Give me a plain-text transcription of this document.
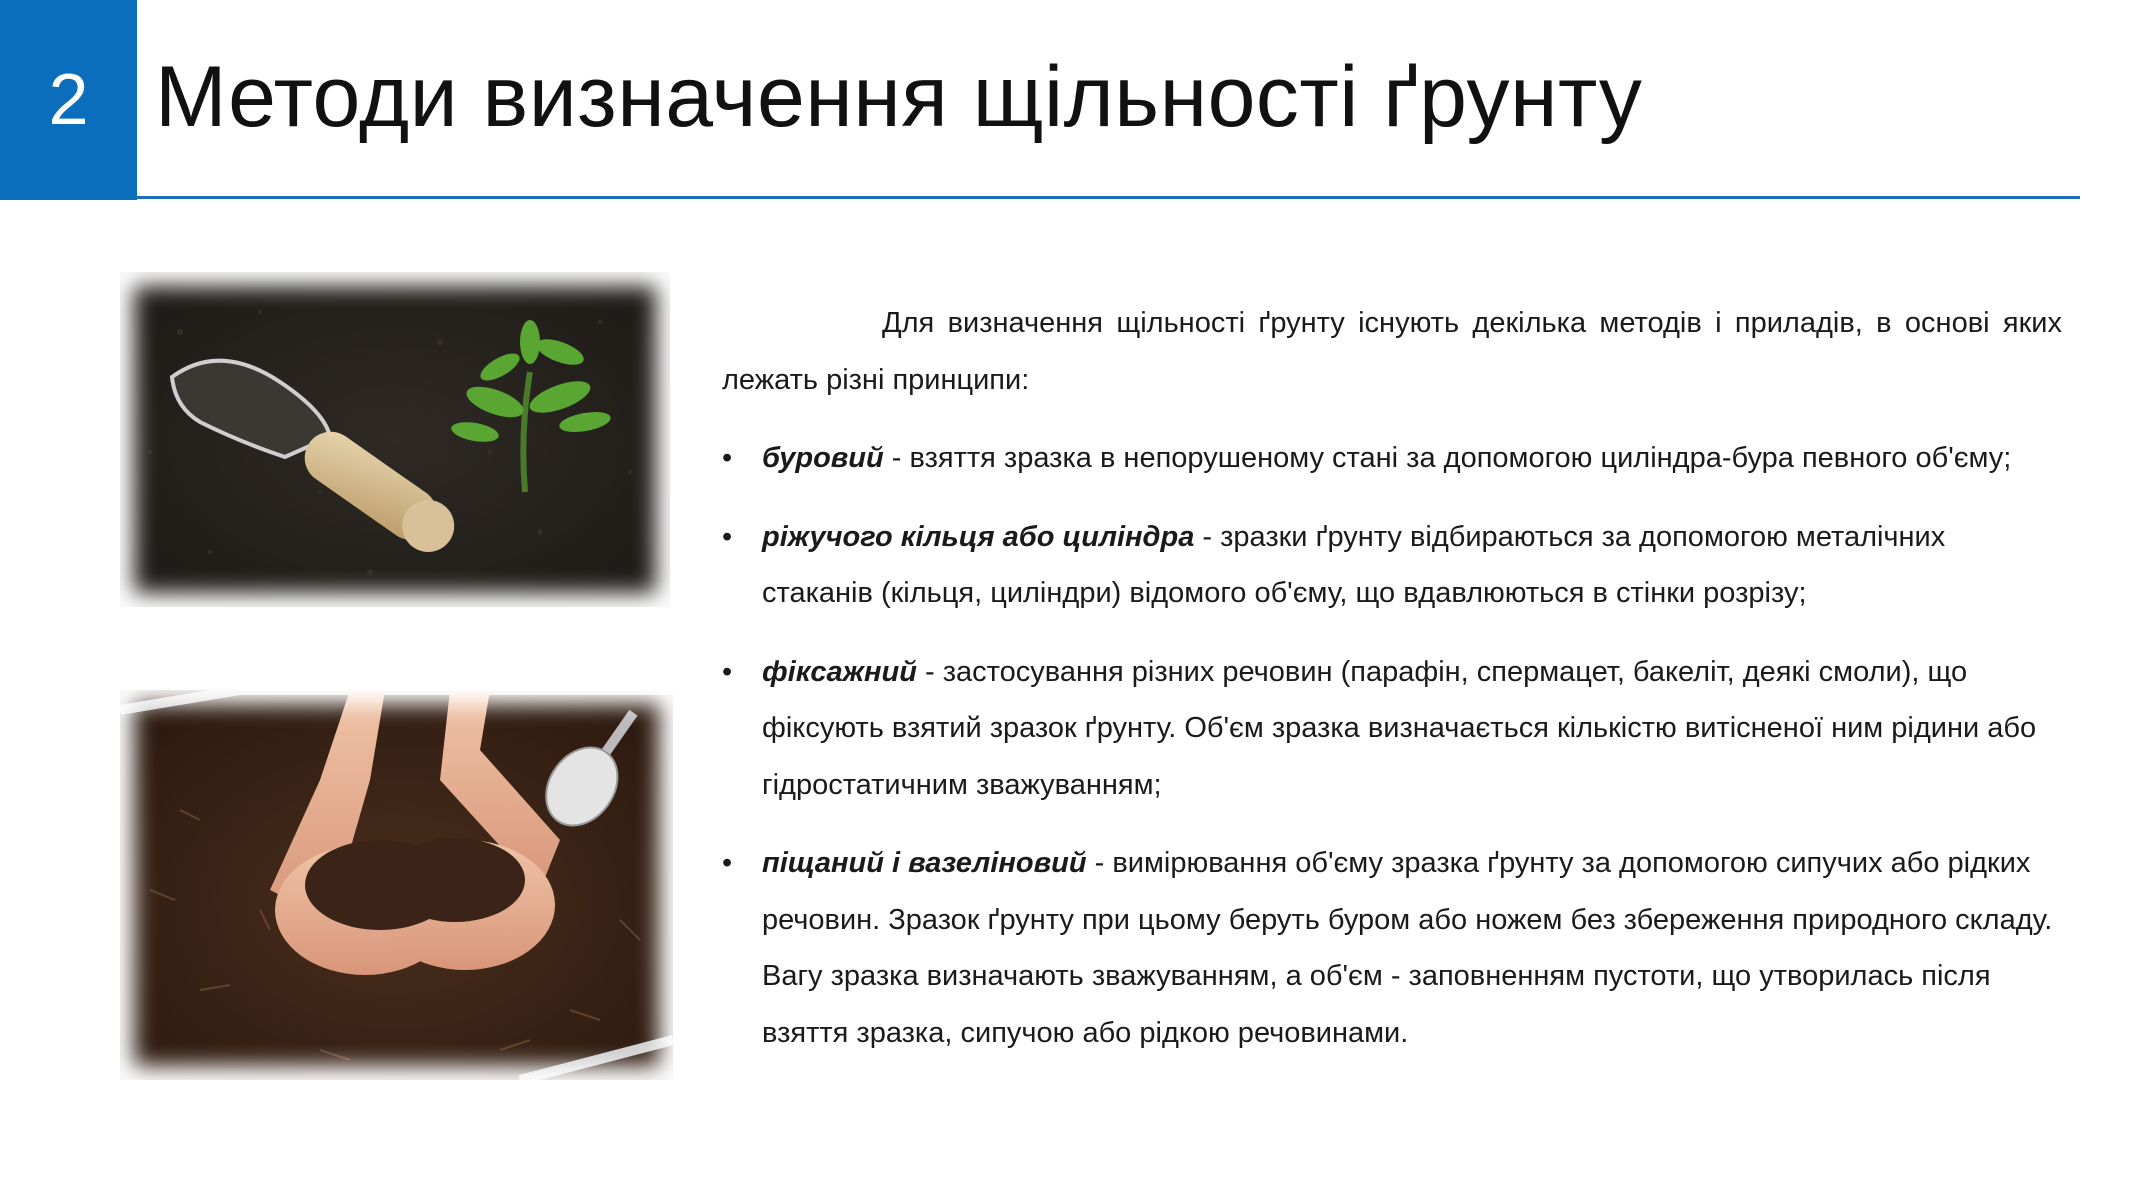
2 Методи визначення щільності ґрунту

Для визначення щільності ґрунту існують декілька методів і приладів, в основі яких лежать різні принципи:

• буровий - взяття зразка в непорушеному стані за допомогою циліндра-бура певного об'єму;
• ріжучого кільця або циліндра - зразки ґрунту відбираються за допомогою металічних стаканів (кільця, циліндри) відомого об'єму, що вдавлюються в стінки розрізу;
• фіксажний - застосування різних речовин (парафін, спермацет, бакеліт, деякі смоли), що фіксують взятий зразок ґрунту. Об'єм зразка визначається кількістю витісненої ним рідини або гідростатичним зважуванням;
• піщаний і вазеліновий - вимірювання об'єму зразка ґрунту за допомогою сипучих або рідких речовин. Зразок ґрунту при цьому беруть буром або ножем без збереження природного складу. Вагу зразка визначають зважуванням, а об'єм - заповненням пустоти, що утворилась після взяття зразка, сипучою або рідкою речовинами.
